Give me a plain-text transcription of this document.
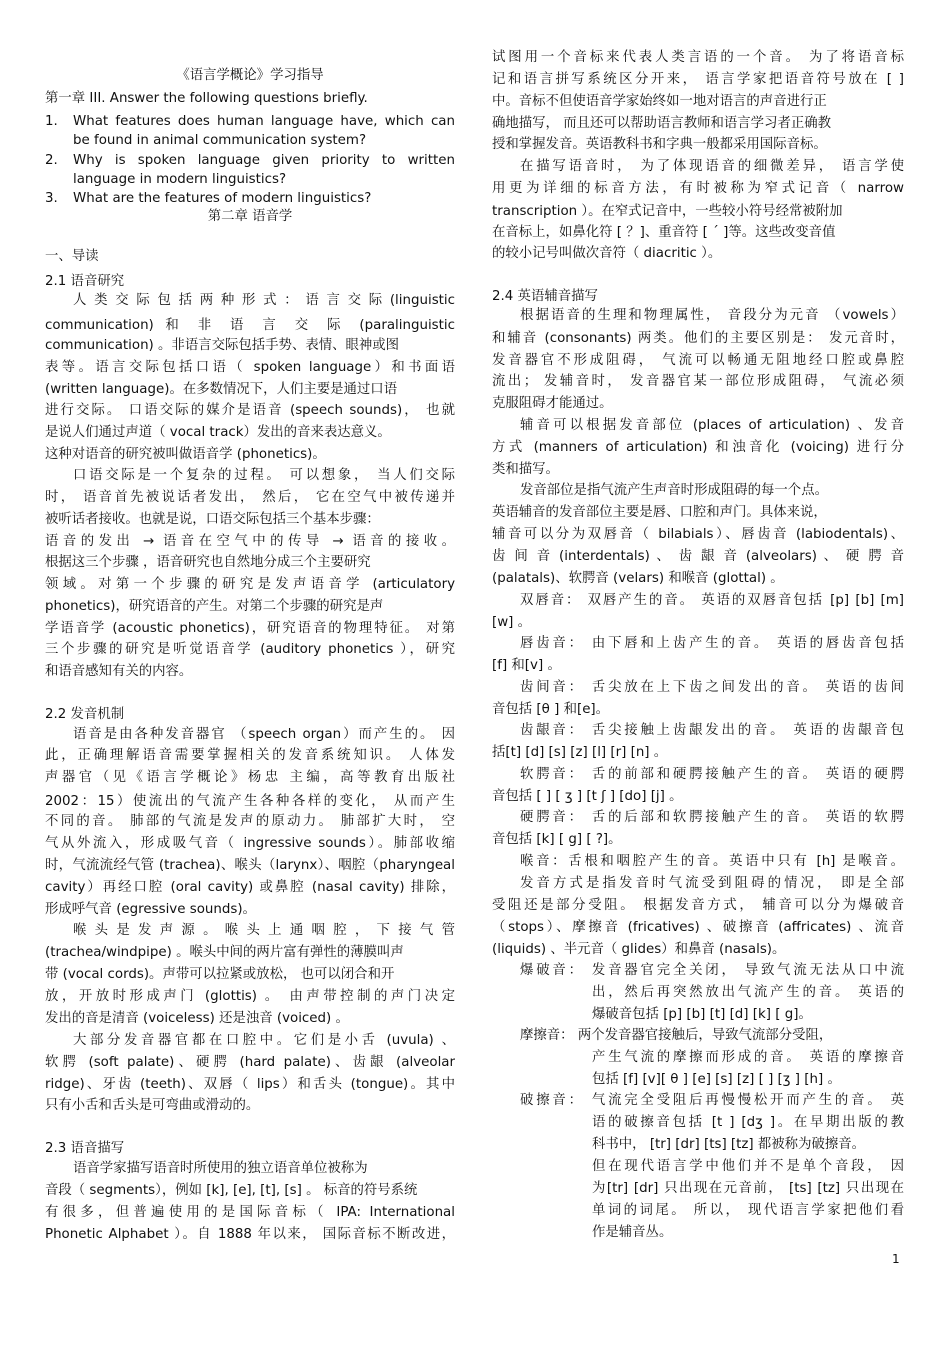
《语言学概论》学习指导
第一章 III. Answer the following questions briefly.
1. What features does human language have, which can
be found in animal communication system?
2. Why is spoken language given priority to written
language in modern linguistics?
3. What are the features of modern linguistics?
第二章 语音学
一、导读
2.1 语音研究
人 类 交 际 包 括 两 种 形 式 ： 语 言 交 际 (linguistic
communication) 和 非 语 言 交 际 (paralinguistic
communication) 。非语言交际包括手势、表情、眼神或图
表等。语言交际包括口语（ spoken language）和书面语
(written language)。在多数情况下，人们主要是通过口语
进行交际。 口语交际的媒介是语音 (speech sounds)， 也就
是说人们通过声道（ vocal track）发出的音来表达意义。
这种对语音的研究被叫做语音学 (phonetics)。
口语交际是一个复杂的过程。 可以想象， 当人们交际
时， 语音首先被说话者发出， 然后， 它在空气中被传递并
被听话者接收。也就是说，口语交际包括三个基本步骤：
语音的发出 → 语音在空气中的传导 → 语音的接收。
根据这三个步骤 ，语音研究也自然地分成三个主要研究
领域。对第一个步骤的研究是发声语音学 (articulatory
phonetics)，研究语音的产生。对第二个步骤的研究是声
学语音学 (acoustic phonetics)，研究语音的物理特征。 对第
三个步骤的研究是听觉语音学 (auditory phonetics ），研究
和语音感知有关的内容。
2.2 发音机制
语音是由各种发音器官 （speech organ）而产生的。 因
此，正确理解语音需要掌握相关的发音系统知识。 人体发
声器官（见《语言学概论》杨忠 主编，高等教育出版社
2002：15）使流出的气流产生各种各样的变化， 从而产生
不同的音。 肺部的气流是发声的原动力。 肺部扩大时， 空
气从外流入，形成吸气音（ ingressive sounds）。肺部收缩
时，气流流经气管 (trachea)、喉头（larynx）、咽腔（pharyngeal
cavity）再经口腔 (oral cavity) 或鼻腔 (nasal cavity) 排除，
形成呼气音 (egressive sounds)。
喉 头 是 发 声 源 。 喉 头 上 通 咽 腔 ， 下 接 气 管
(trachea/windpipe) 。喉头中间的两片富有弹性的薄膜叫声
带 (vocal cords)。声带可以拉紧或放松， 也可以闭合和开
放，开放时形成声门 (glottis) 。 由声带控制的声门决定
发出的音是清音 (voiceless) 还是浊音 (voiced) 。
大部分发音器官都在口腔中。它们是小舌 (uvula) 、
软腭 (soft palate)、硬腭 (hard palate)、齿龈 (alveolar
ridge)、牙齿 (teeth)、双唇（ lips）和舌头 (tongue)。其中
只有小舌和舌头是可弯曲或滑动的。
2.3 语音描写
语音学家描写语音时所使用的独立语音单位被称为
音段（ segments），例如 [k], [e], [t], [s] 。 标音的符号系统
有很多，但普遍使用的是国际音标（ IPA: International
Phonetic Alphabet ）。自 1888 年以来， 国际音标不断改进，
试图用一个音标来代表人类言语的一个音。 为了将语音标
记和语言拼写系统区分开来， 语言学家把语音符号放在 [ ]
中。音标不但使语音学家始终如一地对语言的声音进行正
确地描写， 而且还可以帮助语言教师和语言学习者正确教
授和掌握发音。英语教科书和字典一般都采用国际音标。
在描写语音时， 为了体现语音的细微差异， 语言学使
用更为详细的标音方法，有时被称为窄式记音（ narrow
transcription ）。在窄式记音中，一些较小符号经常被附加
在音标上，如鼻化符 [ ？]、重音符 [ ˊ ]等。这些改变音值
的较小记号叫做次音符（ diacritic ）。
2.4 英语辅音描写
根据语音的生理和物理属性， 音段分为元音 （vowels）
和辅音 (consonants) 两类。他们的主要区别是： 发元音时，
发音器官不形成阻碍， 气流可以畅通无阻地经口腔或鼻腔
流出； 发辅音时， 发音器官某一部位形成阻碍， 气流必须
克服阻碍才能通过。
辅音可以根据发音部位 (places of articulation) 、发音
方式 (manners of articulation) 和浊音化 (voicing) 进行分
类和描写。
发音部位是指气流产生声音时形成阻碍的每一个点。
英语辅音的发音部位主要是唇、口腔和声门。具体来说，
辅音可以分为双唇音（ bilabials）、唇齿音 (labiodentals)、
齿 间 音 (interdentals) 、 齿 龈 音 (alveolars) 、 硬 腭 音
(palatals)、软腭音 (velars) 和喉音 (glottal) 。
双唇音： 双唇产生的音。 英语的双唇音包括 [p] [b] [m]
[w] 。
唇齿音： 由下唇和上齿产生的音。 英语的唇齿音包括
[f] 和[v] 。
齿间音： 舌尖放在上下齿之间发出的音。 英语的齿间
音包括 [θ ] 和[e]。
齿龈音： 舌尖接触上齿龈发出的音。 英语的齿龈音包
括[t] [d] [s] [z] [l] [r] [n] 。
软腭音： 舌的前部和硬腭接触产生的音。 英语的硬腭
音包括 [ ] [ ʒ ] [t ʃ ] [do] [j] 。
硬腭音： 舌的后部和软腭接触产生的音。 英语的软腭
音包括 [k] [ g] [ ?]。
喉音：舌根和咽腔产生的音。英语中只有 [h] 是喉音。
发音方式是指发音时气流受到阻碍的情况， 即是全部
受阻还是部分受阻。 根据发音方式， 辅音可以分为爆破音
（stops）、摩擦音 (fricatives) 、破擦音 (affricates) 、流音
(liquids) 、半元音（ glides）和鼻音 (nasals)。
爆破音： 发音器官完全关闭， 导致气流无法从口中流
出，然后再突然放出气流产生的音。 英语的
爆破音包括 [p] [b] [t] [d] [k] [ g]。
摩擦音： 两个发音器官接触后，导致气流部分受阻，
产生气流的摩擦而形成的音。 英语的摩擦音
包括 [f] [v][ θ ] [e] [s] [z] [ ] [ʒ ] [h] 。
破擦音： 气流完全受阻后再慢慢松开而产生的音。 英
语的破擦音包括 [t ] [dʒ ]。在早期出版的教
科书中， [tr] [dr] [ts] [tz] 都被称为破擦音。
但在现代语言学中他们并不是单个音段， 因
为[tr] [dr] 只出现在元音前， [ts] [tz] 只出现在
单词的词尾。 所以， 现代语言学家把他们看
作是辅音丛。
1
